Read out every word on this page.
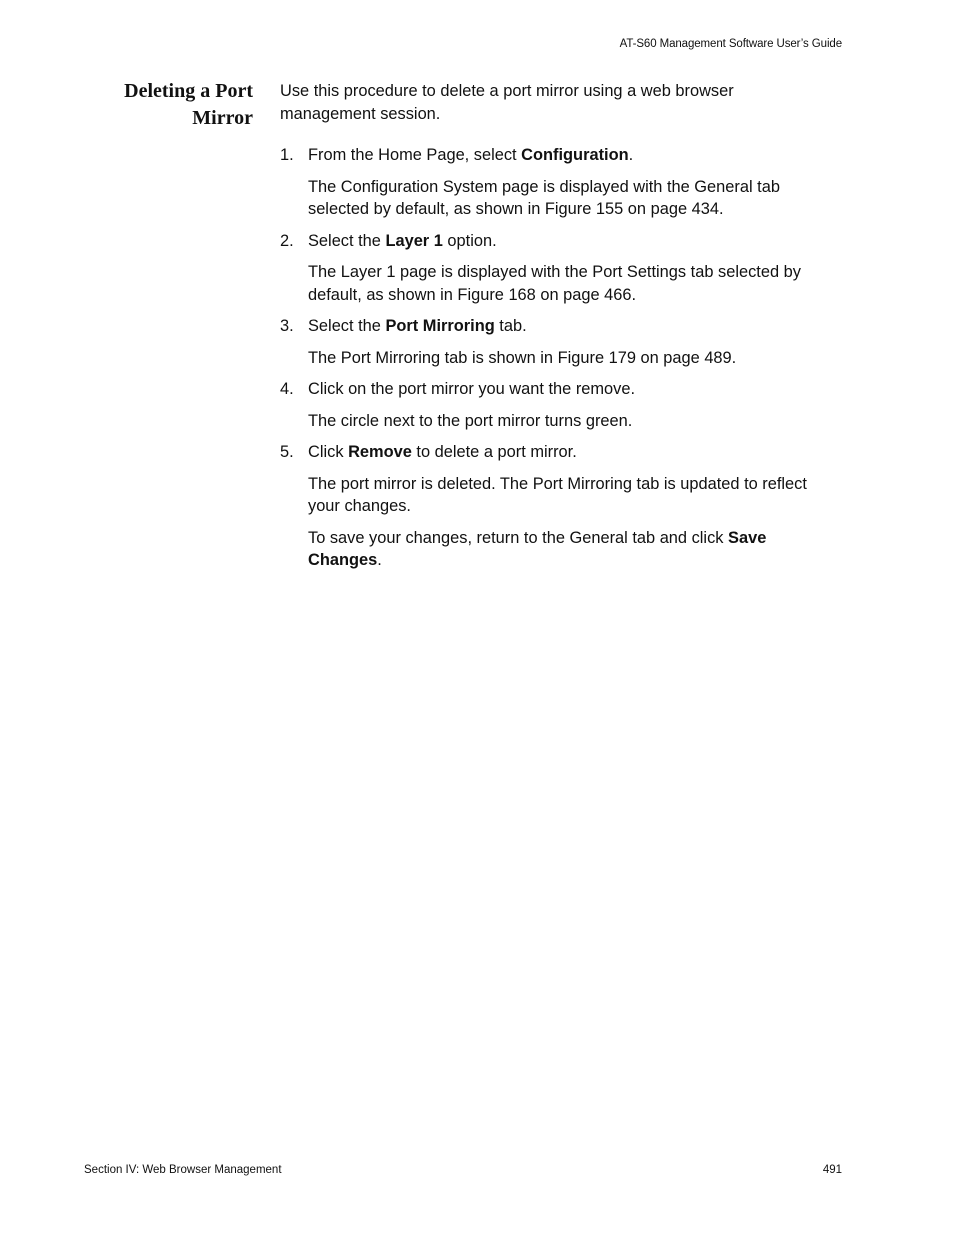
AT-S60 Management Software User’s Guide
Deleting a Port
Mirror

Use this procedure to delete a port mirror using a web browser management session.

1. From the Home Page, select Configuration.

The Configuration System page is displayed with the General tab selected by default, as shown in Figure 155 on page 434.

2. Select the Layer 1 option.

The Layer 1 page is displayed with the Port Settings tab selected by default, as shown in Figure 168 on page 466.

3. Select the Port Mirroring tab.

The Port Mirroring tab is shown in Figure 179 on page 489.

4. Click on the port mirror you want the remove.

The circle next to the port mirror turns green.

5. Click Remove to delete a port mirror.

The port mirror is deleted. The Port Mirroring tab is updated to reflect your changes.

To save your changes, return to the General tab and click Save Changes.

Section IV: Web Browser Management	491
